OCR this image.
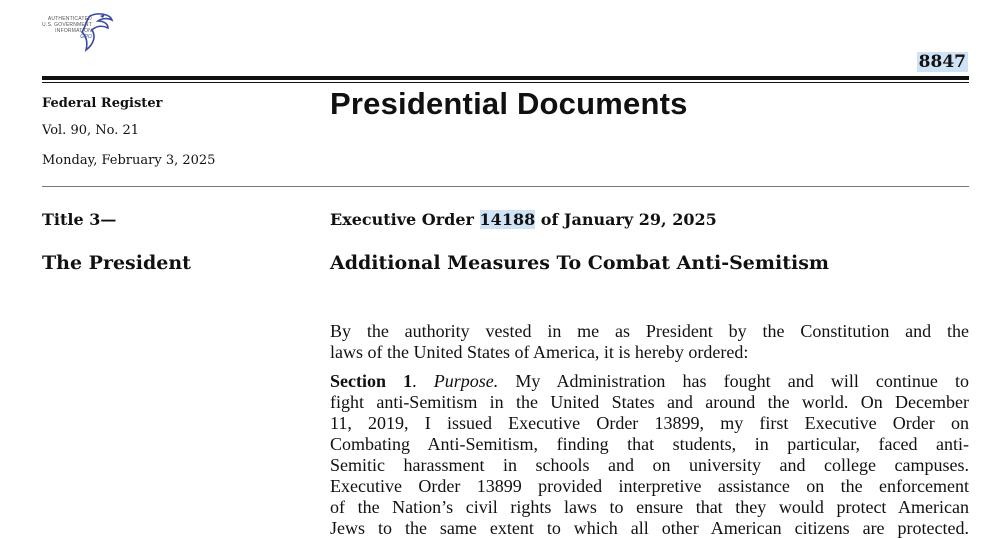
AUTHENTICATED
U.S. GOVERNMENT
INFORMATION
GPO
8847
Federal Register
Vol. 90, No. 21
Monday, February 3, 2025
Presidential Documents
Title 3—
The President
Executive Order 14188 of January 29, 2025
Additional Measures To Combat Anti-Semitism
By the authority vested in me as President by the Constitution and the
laws of the United States of America, it is hereby ordered:
Section 1. Purpose. My Administration has fought and will continue to
fight anti-Semitism in the United States and around the world. On December
11, 2019, I issued Executive Order 13899, my first Executive Order on
Combating Anti-Semitism, finding that students, in particular, faced anti-
Semitic harassment in schools and on university and college campuses.
Executive Order 13899 provided interpretive assistance on the enforcement
of the Nation’s civil rights laws to ensure that they would protect American
Jews to the same extent to which all other American citizens are protected.
